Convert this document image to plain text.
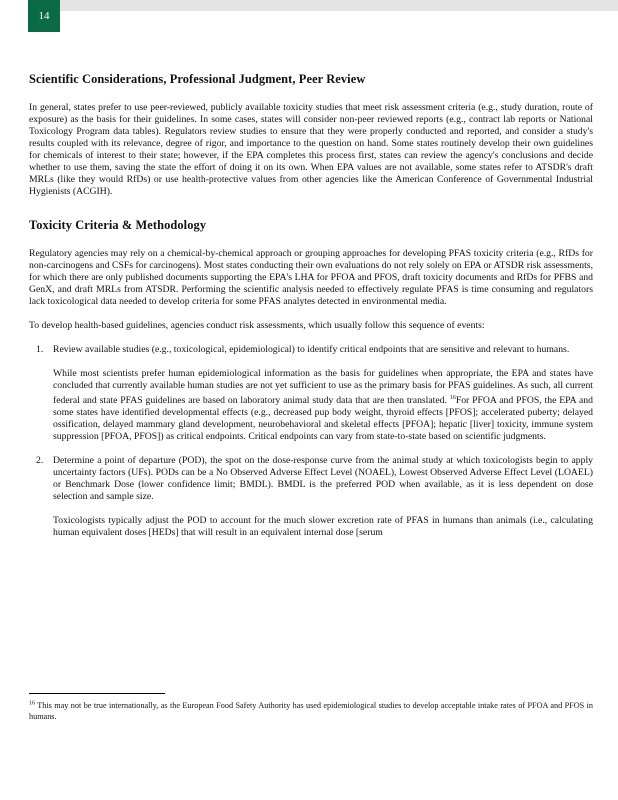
14
Scientific Considerations, Professional Judgment, Peer Review

In general, states prefer to use peer-reviewed, publicly available toxicity studies that meet risk assessment criteria (e.g., study duration, route of exposure) as the basis for their guidelines. In some cases, states will consider non-peer reviewed reports (e.g., contract lab reports or National Toxicology Program data tables). Regulators review studies to ensure that they were properly conducted and reported, and consider a study's results coupled with its relevance, degree of rigor, and importance to the question on hand. Some states routinely develop their own guidelines for chemicals of interest to their state; however, if the EPA completes this process first, states can review the agency's conclusions and decide whether to use them, saving the state the effort of doing it on its own. When EPA values are not available, some states refer to ATSDR's draft MRLs (like they would RfDs) or use health-protective values from other agencies like the American Conference of Governmental Industrial Hygienists (ACGIH).

Toxicity Criteria & Methodology

Regulatory agencies may rely on a chemical-by-chemical approach or grouping approaches for developing PFAS toxicity criteria (e.g., RfDs for non-carcinogens and CSFs for carcinogens). Most states conducting their own evaluations do not rely solely on EPA or ATSDR risk assessments, for which there are only published documents supporting the EPA's LHA for PFOA and PFOS, draft toxicity documents and RfDs for PFBS and GenX, and draft MRLs from ATSDR. Performing the scientific analysis needed to effectively regulate PFAS is time consuming and regulators lack toxicological data needed to develop criteria for some PFAS analytes detected in environmental media.

To develop health-based guidelines, agencies conduct risk assessments, which usually follow this sequence of events:

1. Review available studies (e.g., toxicological, epidemiological) to identify critical endpoints that are sensitive and relevant to humans.

While most scientists prefer human epidemiological information as the basis for guidelines when appropriate, the EPA and states have concluded that currently available human studies are not yet sufficient to use as the primary basis for PFAS guidelines. As such, all current federal and state PFAS guidelines are based on laboratory animal study data that are then translated. $^{16}$For PFOA and PFOS, the EPA and some states have identified developmental effects (e.g., decreased pup body weight, thyroid effects [PFOS]; accelerated puberty; delayed ossification, delayed mammary gland development, neurobehavioral and skeletal effects [PFOA]; hepatic [liver] toxicity, immune system suppression [PFOA, PFOS]) as critical endpoints. Critical endpoints can vary from state-to-state based on scientific judgments.

2. Determine a point of departure (POD), the spot on the dose-response curve from the animal study at which toxicologists begin to apply uncertainty factors (UFs). PODs can be a No Observed Adverse Effect Level (NOAEL), Lowest Observed Adverse Effect Level (LOAEL) or Benchmark Dose (lower confidence limit; BMDL). BMDL is the preferred POD when available, as it is less dependent on dose selection and sample size.

Toxicologists typically adjust the POD to account for the much slower excretion rate of PFAS in humans than animals (i.e., calculating human equivalent doses [HEDs] that will result in an equivalent internal dose [serum

$^{16}$ This may not be true internationally, as the European Food Safety Authority has used epidemiological studies to develop acceptable intake rates of PFOA and PFOS in humans.
